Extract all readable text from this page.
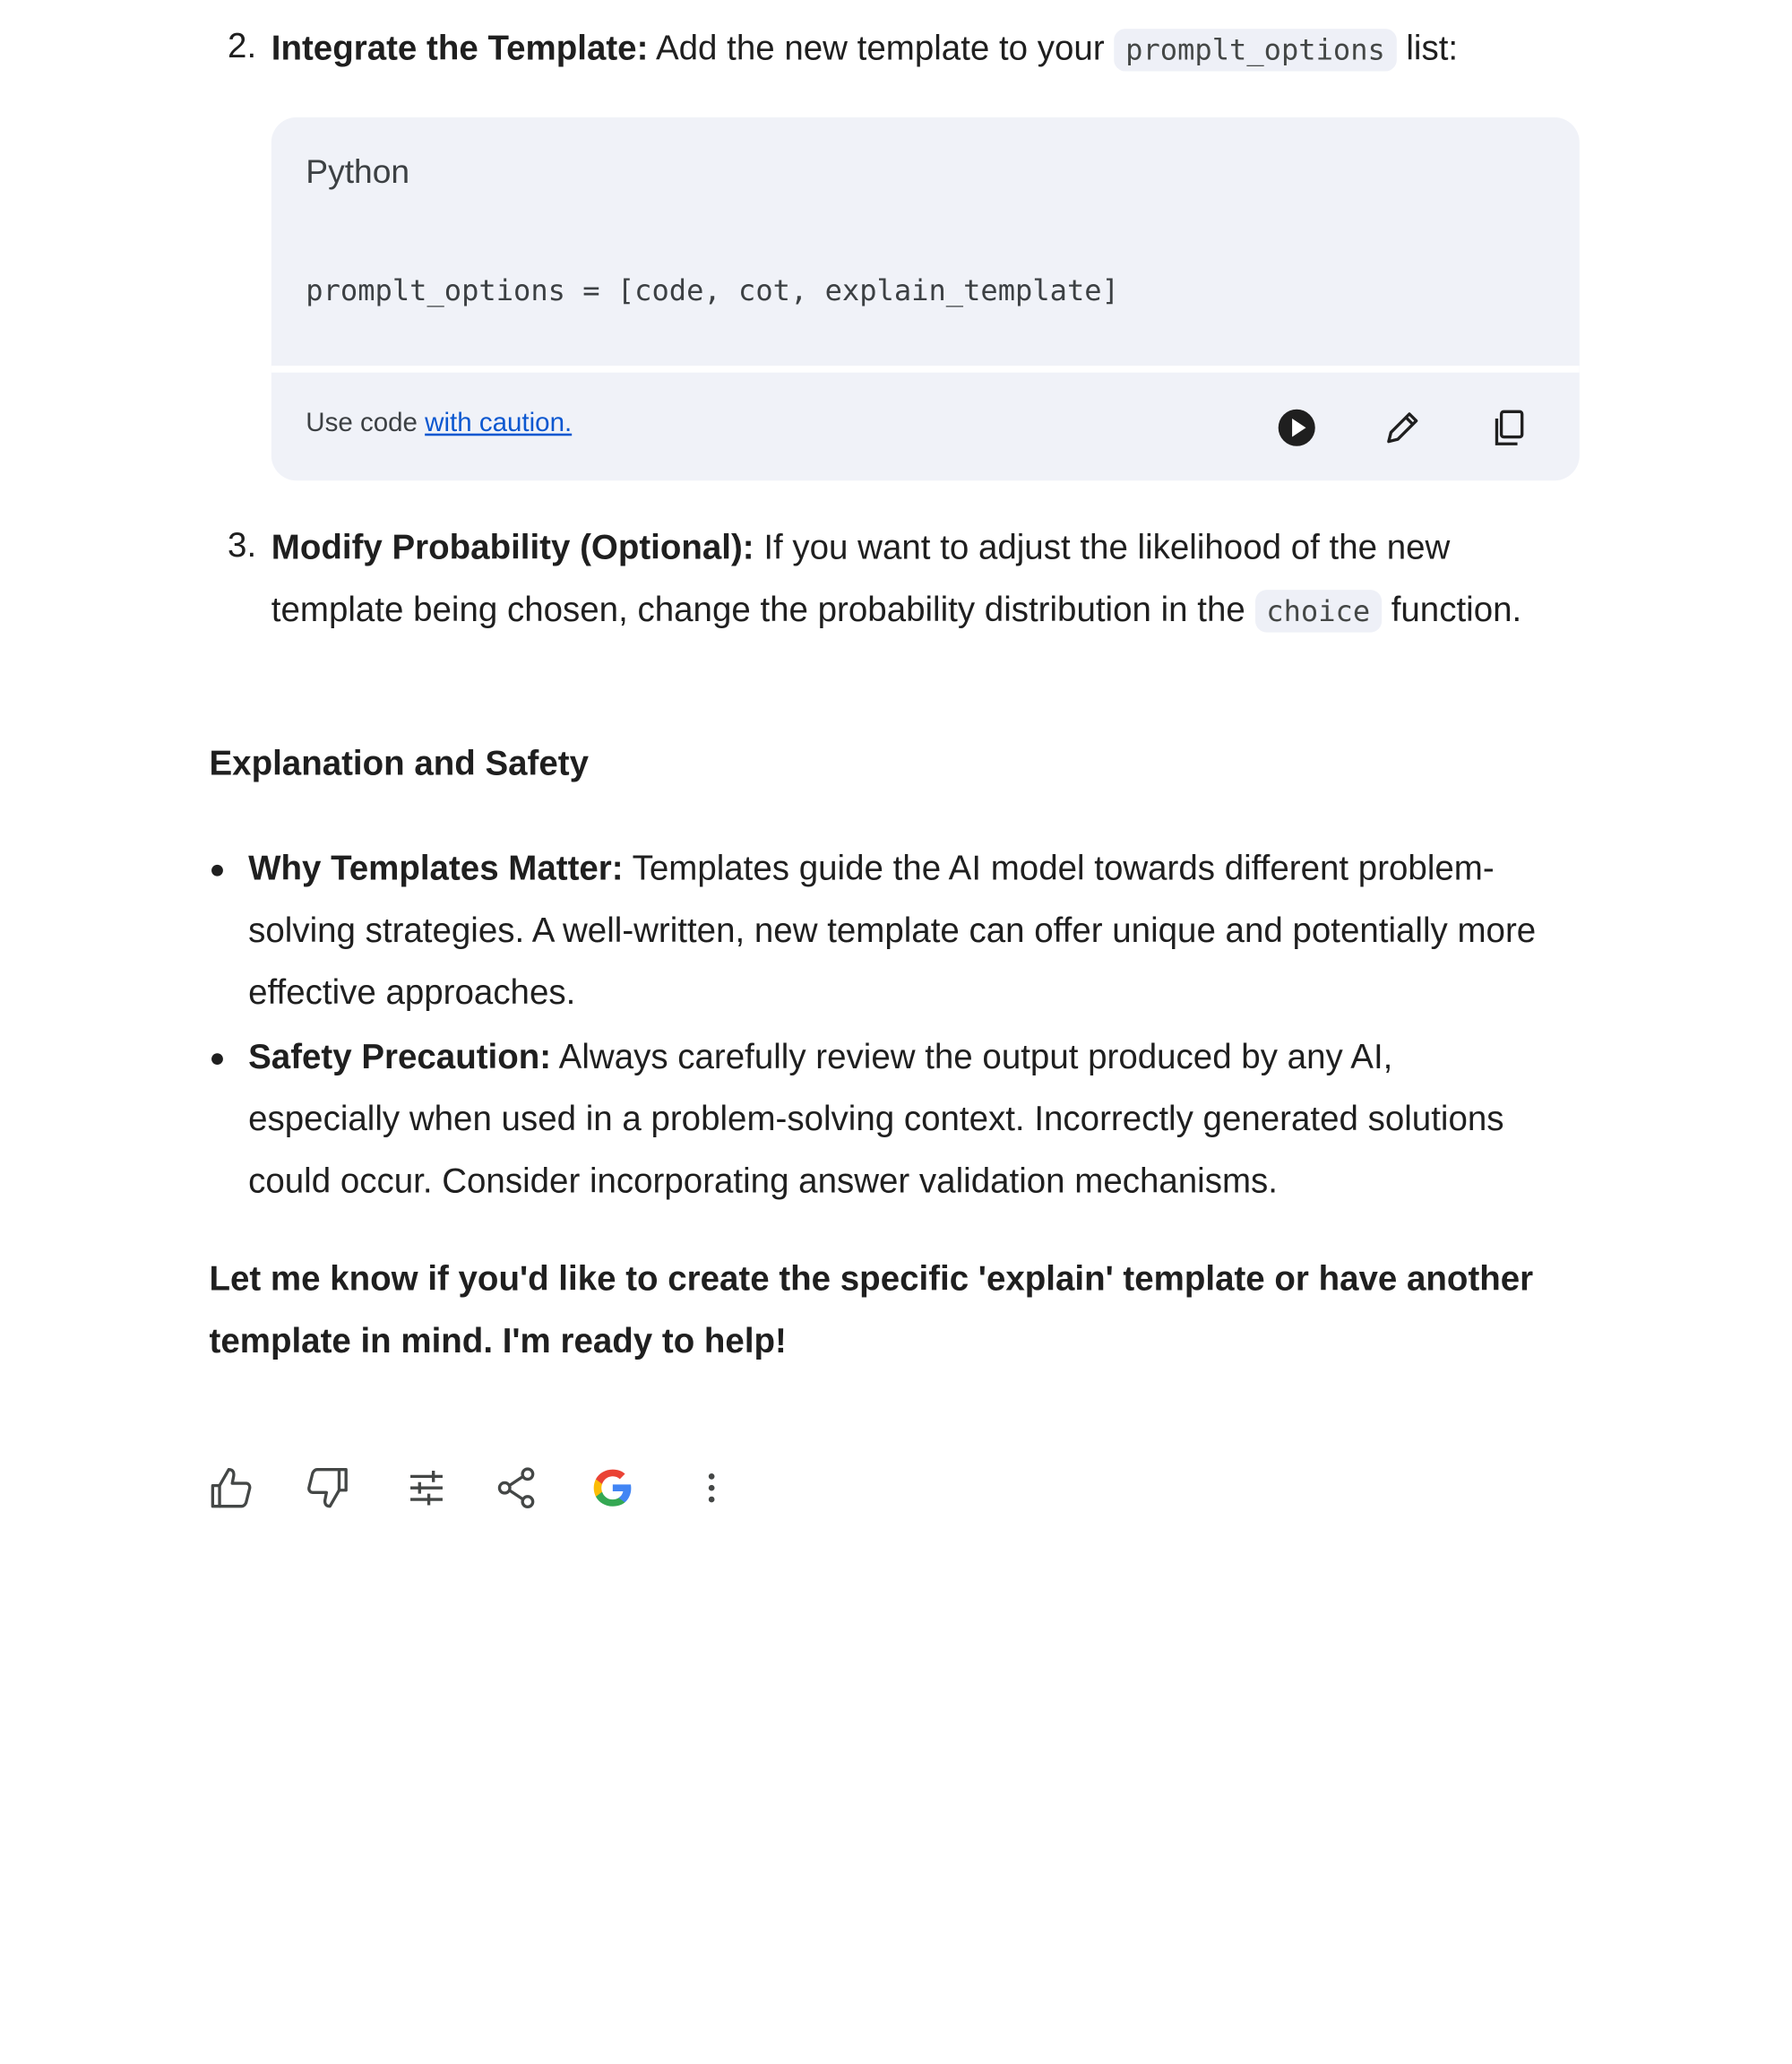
2. Integrate the Template: Add the new template to your promplt_options list:
Python
promplt_options = [code, cot, explain_template]
Use code with caution.
3. Modify Probability (Optional): If you want to adjust the likelihood of the new template being chosen, change the probability distribution in the choice function.
Explanation and Safety
Why Templates Matter: Templates guide the AI model towards different problem-solving strategies. A well-written, new template can offer unique and potentially more effective approaches.
Safety Precaution: Always carefully review the output produced by any AI, especially when used in a problem-solving context. Incorrectly generated solutions could occur. Consider incorporating answer validation mechanisms.
Let me know if you'd like to create the specific 'explain' template or have another template in mind. I'm ready to help!
